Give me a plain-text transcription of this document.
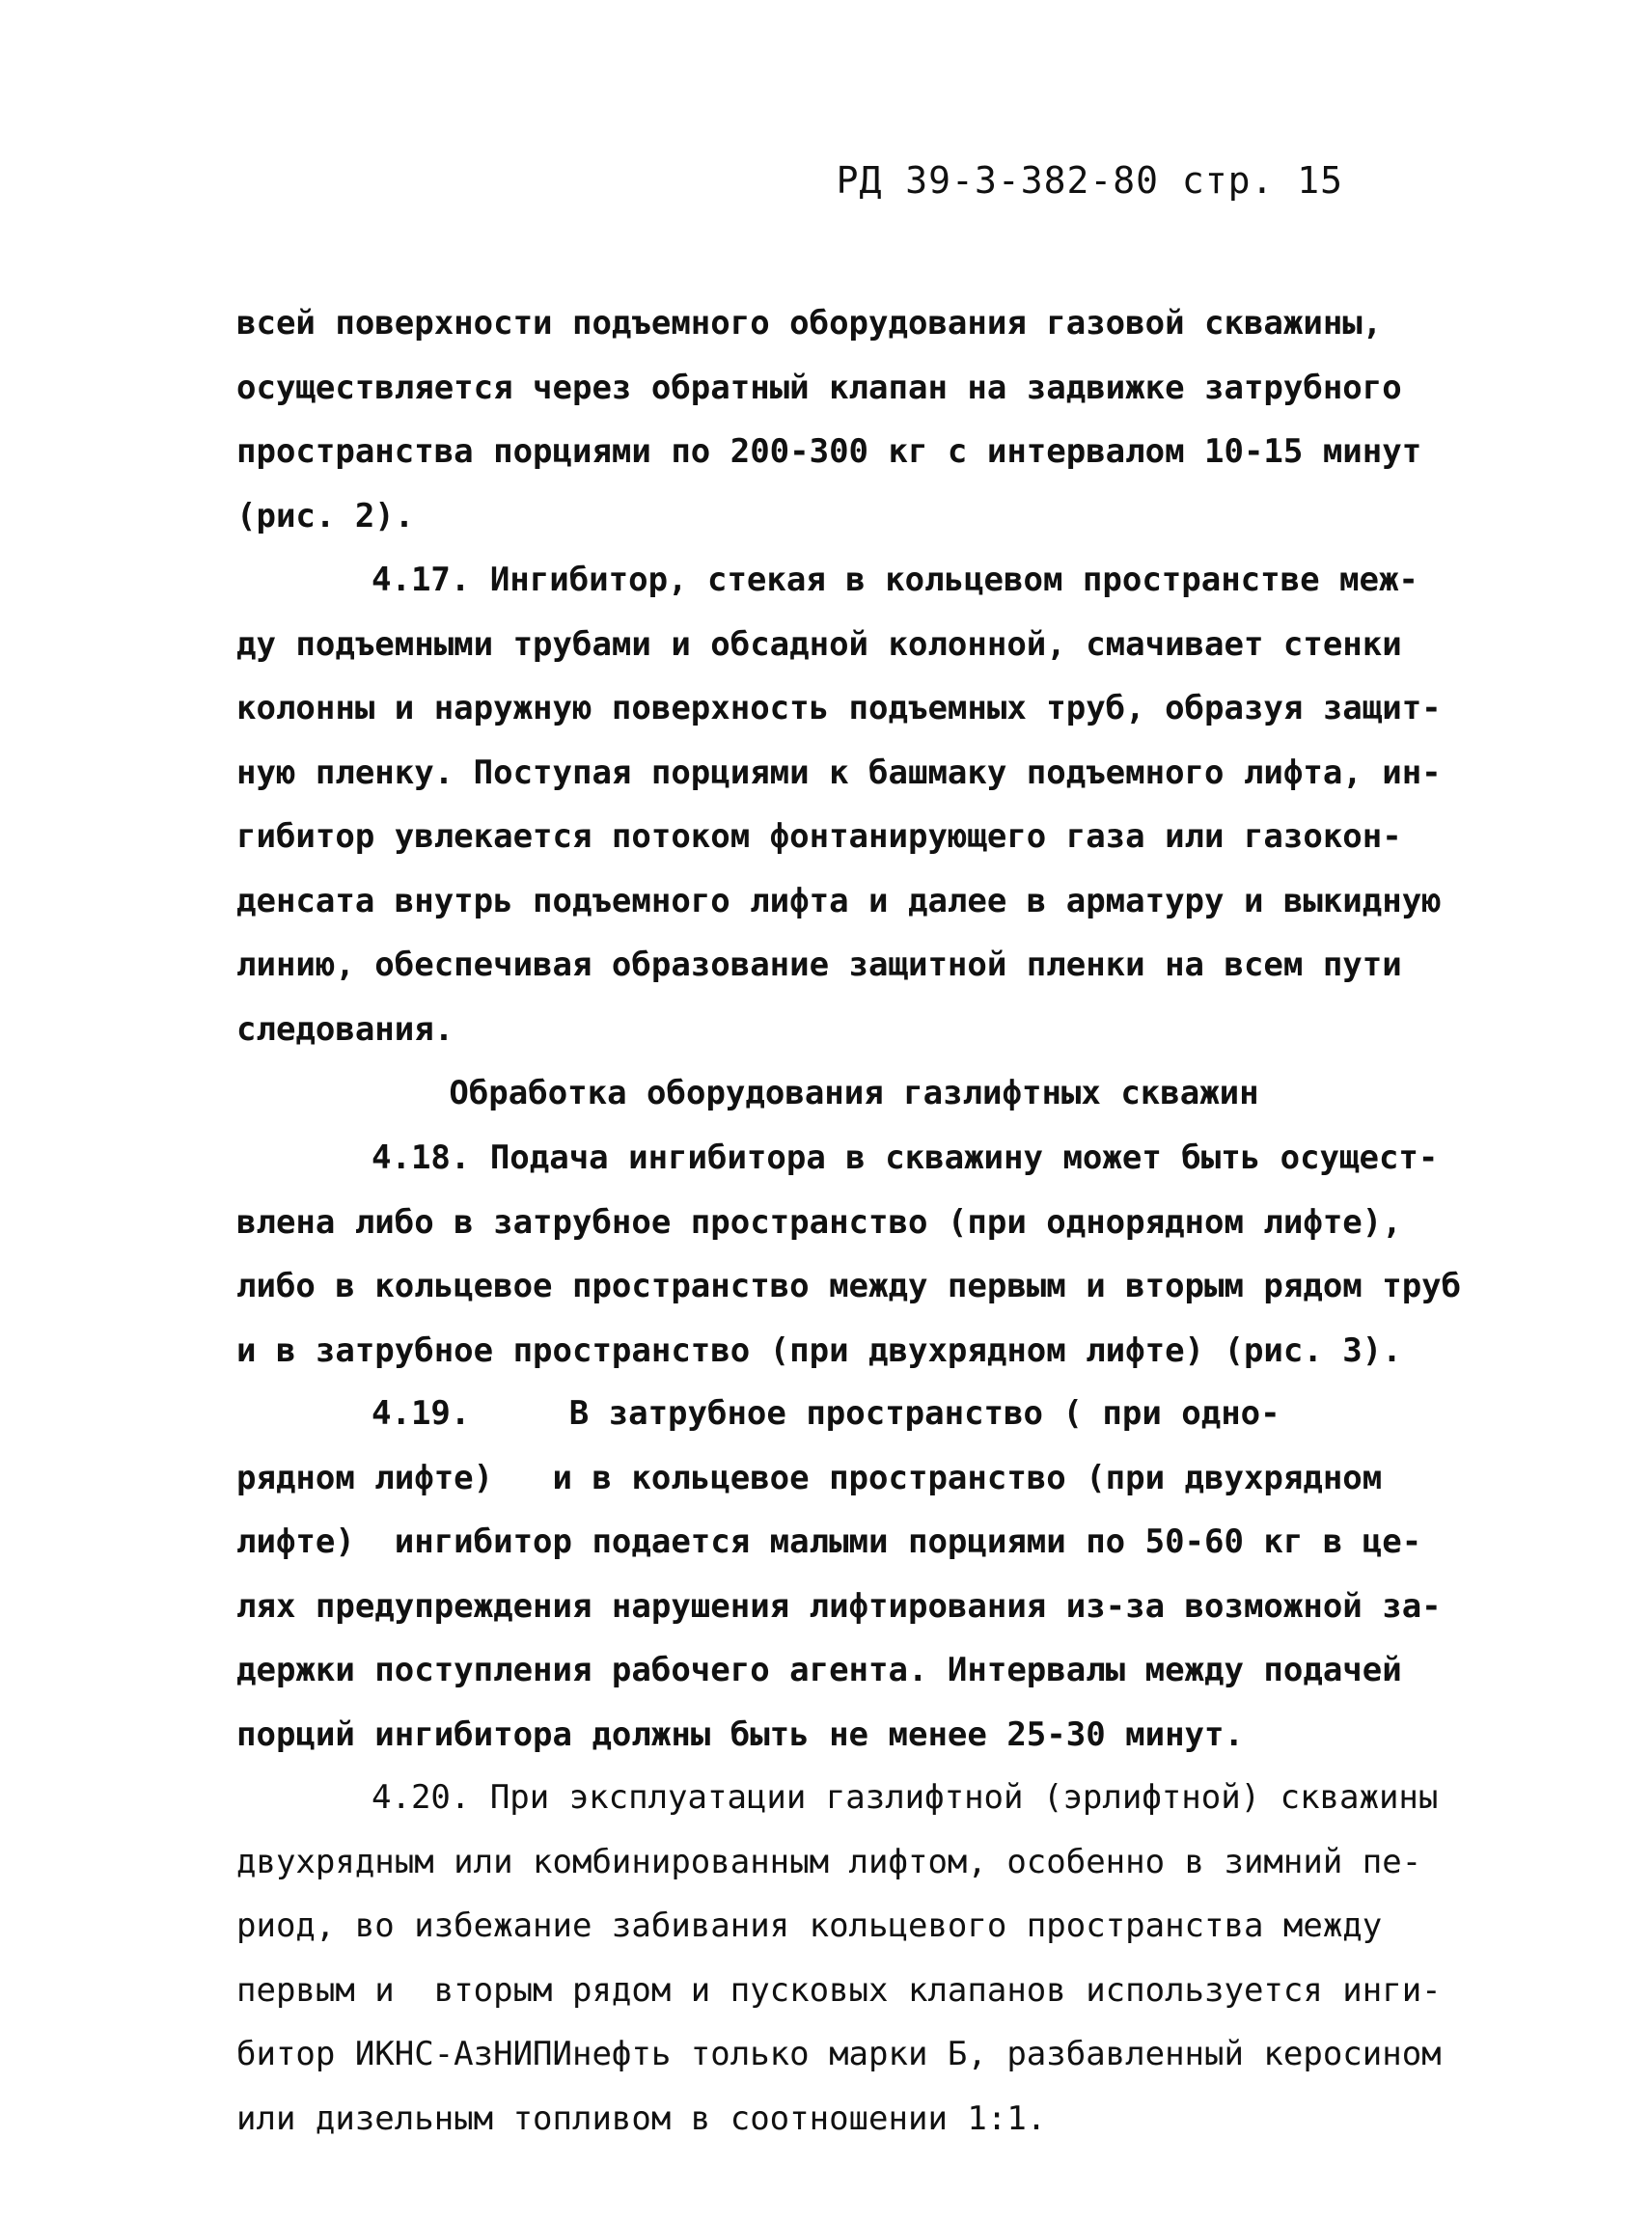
РД 39-3-382-80 стр. 15
всей поверхности подъемного оборудования газовой скважины,
осуществляется через обратный клапан на задвижке затрубного
пространства порциями по 200-300 кг с интервалом 10-15 минут
(рис. 2).
4.17. Ингибитор, стекая в кольцевом пространстве меж-
ду подъемными трубами и обсадной колонной, смачивает стенки
колонны и наружную поверхность подъемных труб, образуя защит-
ную пленку. Поступая порциями к башмаку подъемного лифта, ин-
гибитор увлекается потоком фонтанирующего газа или газокон-
денсата внутрь подъемного лифта и далее в арматуру и выкидную
линию, обеспечивая образование защитной пленки на всем пути
следования.
Обработка оборудования газлифтных скважин
4.18. Подача ингибитора в скважину может быть осущест-
влена либо в затрубное пространство (при однорядном лифте),
либо в кольцевое пространство между первым и вторым рядом труб
и в затрубное пространство (при двухрядном лифте) (рис. 3).
4.19.     В затрубное пространство ( при одно-
рядном лифте)   и в кольцевое пространство (при двухрядном
лифте)  ингибитор подается малыми порциями по 50-60 кг в це-
лях предупреждения нарушения лифтирования из-за возможной за-
держки поступления рабочего агента. Интервалы между подачей
порций ингибитора должны быть не менее 25-30 минут.
4.20. При эксплуатации газлифтной (эрлифтной) скважины
двухрядным или комбинированным лифтом, особенно в зимний пе-
риод, во избежание забивания кольцевого пространства между
первым и  вторым рядом и пусковых клапанов используется инги-
битор ИКНС-АзНИПИнефть только марки Б, разбавленный керосином
или дизельным топливом в соотношении 1:1.
